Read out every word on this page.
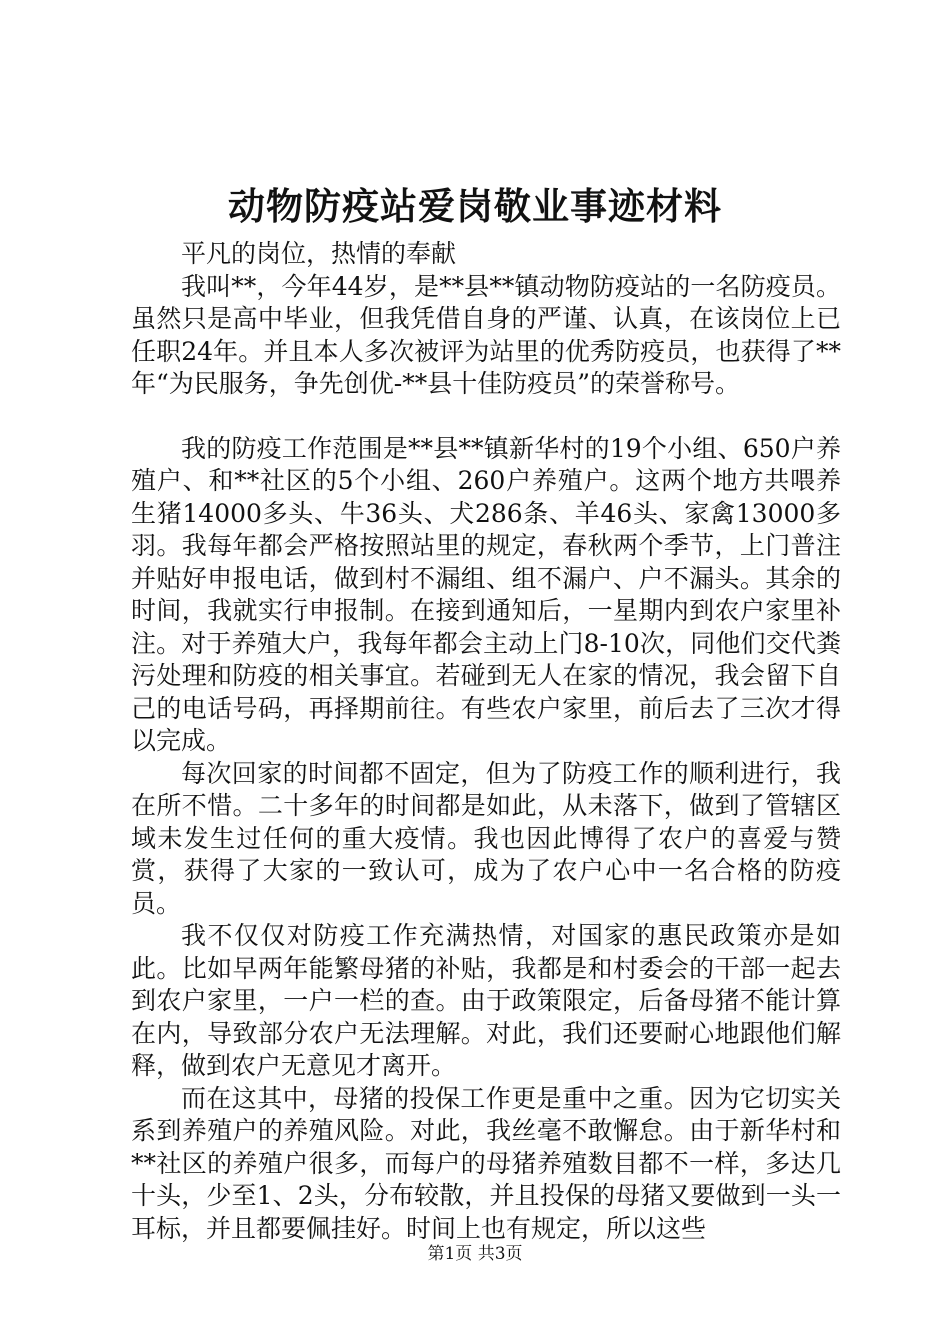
动物防疫站爱岗敬业事迹材料

平凡的岗位，热情的奉献

我叫**，今年44岁，是**县**镇动物防疫站的一名防疫员。虽然只是高中毕业，但我凭借自身的严谨、认真，在该岗位上已任职24年。并且本人多次被评为站里的优秀防疫员，也获得了**年“为民服务，争先创优-**县十佳防疫员”的荣誉称号。

我的防疫工作范围是**县**镇新华村的19个小组、650户养殖户、和**社区的5个小组、260户养殖户。这两个地方共喂养生猪14000多头、牛36头、犬286条、羊46头、家禽13000多羽。我每年都会严格按照站里的规定，春秋两个季节，上门普注并贴好申报电话，做到村不漏组、组不漏户、户不漏头。其余的时间，我就实行申报制。在接到通知后，一星期内到农户家里补注。对于养殖大户，我每年都会主动上门8-10次，同他们交代粪污处理和防疫的相关事宜。若碰到无人在家的情况，我会留下自己的电话号码，再择期前往。有些农户家里，前后去了三次才得以完成。

每次回家的时间都不固定，但为了防疫工作的顺利进行，我在所不惜。二十多年的时间都是如此，从未落下，做到了管辖区域未发生过任何的重大疫情。我也因此博得了农户的喜爱与赞赏，获得了大家的一致认可，成为了农户心中一名合格的防疫员。

我不仅仅对防疫工作充满热情，对国家的惠民政策亦是如此。比如早两年能繁母猪的补贴，我都是和村委会的干部一起去到农户家里，一户一栏的查。由于政策限定，后备母猪不能计算在内，导致部分农户无法理解。对此，我们还要耐心地跟他们解释，做到农户无意见才离开。

而在这其中，母猪的投保工作更是重中之重。因为它切实关系到养殖户的养殖风险。对此，我丝毫不敢懈怠。由于新华村和**社区的养殖户很多，而每户的母猪养殖数目都不一样，多达几十头，少至1、2头，分布较散，并且投保的母猪又要做到一头一耳标，并且都要佩挂好。时间上也有规定，所以这些

第1页 共3页
